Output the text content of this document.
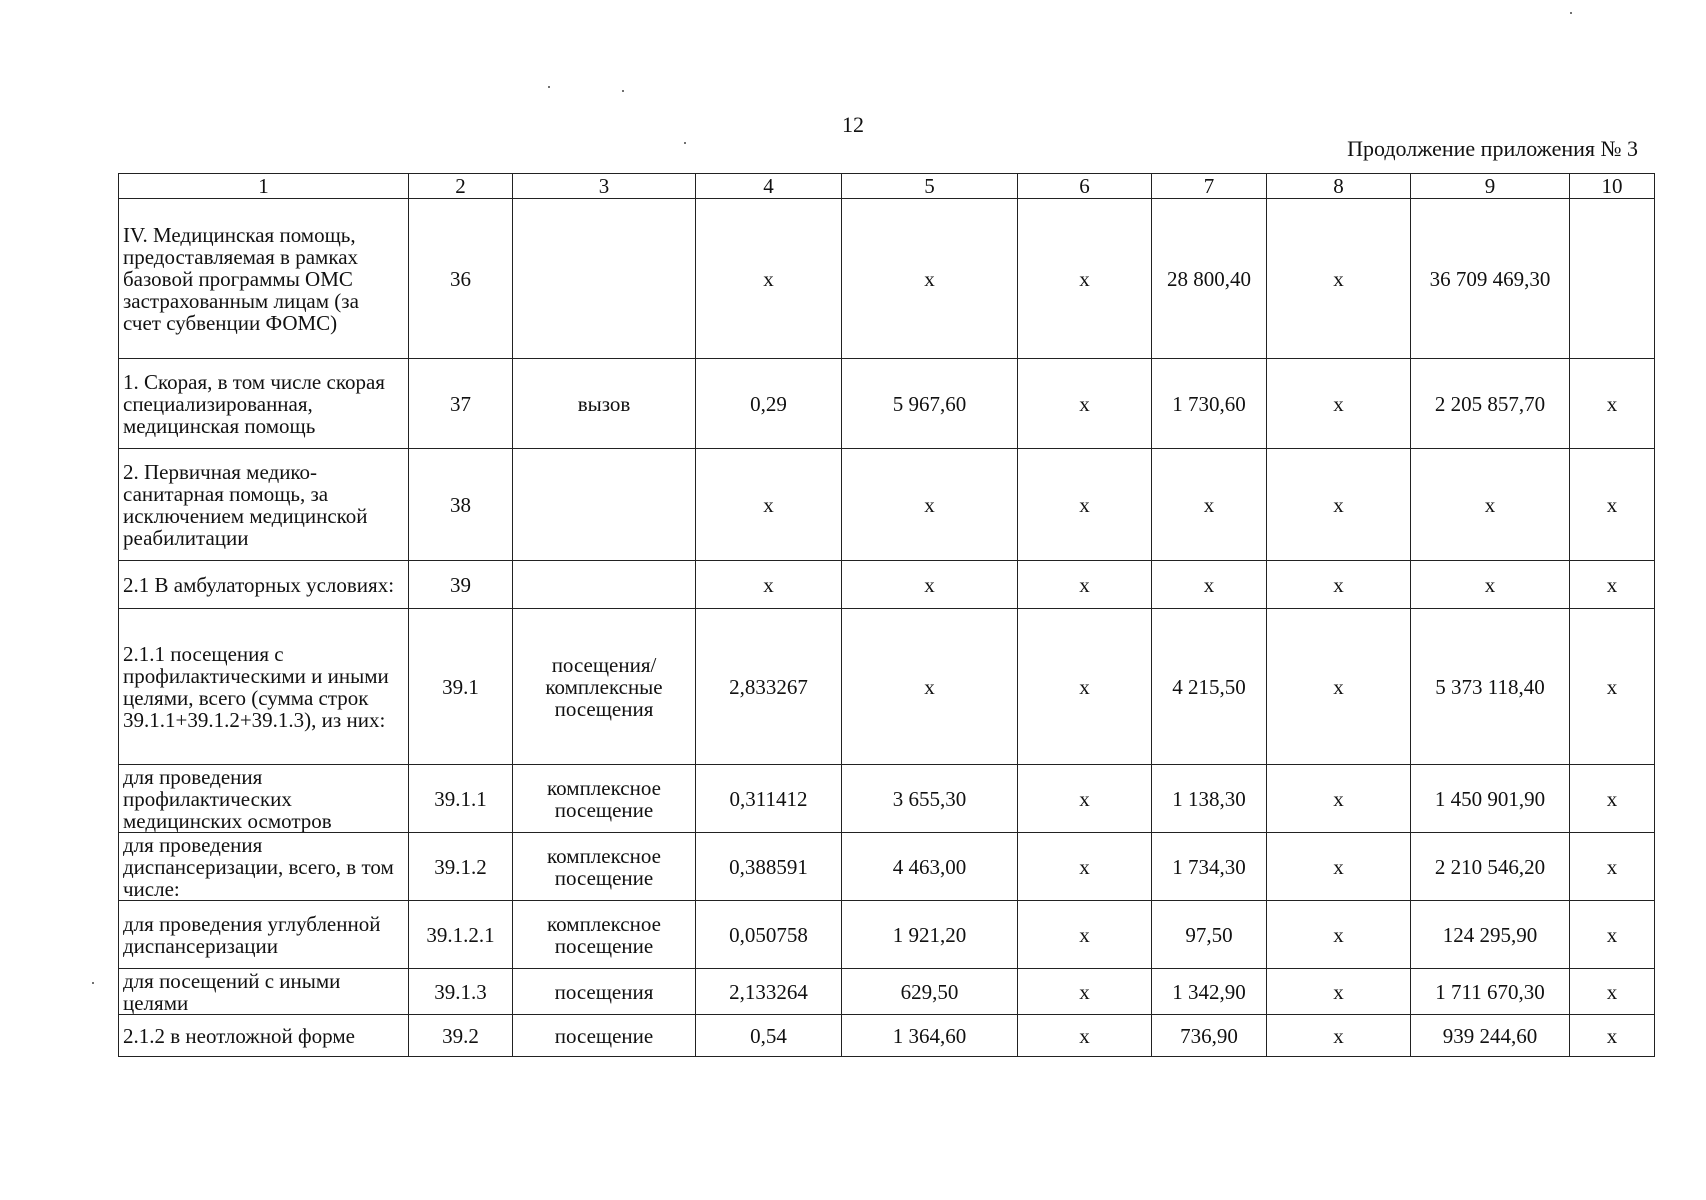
12
Продолжение приложения № 3
1	2	3	4	5	6	7	8	9	10
IV. Медицинская помощь, предоставляемая в рамках базовой программы ОМС застрахованным лицам (за счет субвенции ФОМС)	36		x	x	x	28 800,40	x	36 709 469,30	
1. Скорая, в том числе скорая специализированная, медицинская помощь	37	вызов	0,29	5 967,60	x	1 730,60	x	2 205 857,70	x
2. Первичная медико-санитарная помощь, за исключением медицинской реабилитации	38		x	x	x	x	x	x	x
2.1 В амбулаторных условиях:	39		x	x	x	x	x	x	x
2.1.1 посещения с профилактическими и иными целями, всего (сумма строк 39.1.1+39.1.2+39.1.3), из них:	39.1	посещения/комплексные посещения	2,833267	x	x	4 215,50	x	5 373 118,40	x
для проведения профилактических медицинских осмотров	39.1.1	комплексное посещение	0,311412	3 655,30	x	1 138,30	x	1 450 901,90	x
для проведения диспансеризации, всего, в том числе:	39.1.2	комплексное посещение	0,388591	4 463,00	x	1 734,30	x	2 210 546,20	x
для проведения углубленной диспансеризации	39.1.2.1	комплексное посещение	0,050758	1 921,20	x	97,50	x	124 295,90	x
для посещений с иными целями	39.1.3	посещения	2,133264	629,50	x	1 342,90	x	1 711 670,30	x
2.1.2 в неотложной форме	39.2	посещение	0,54	1 364,60	x	736,90	x	939 244,60	x
